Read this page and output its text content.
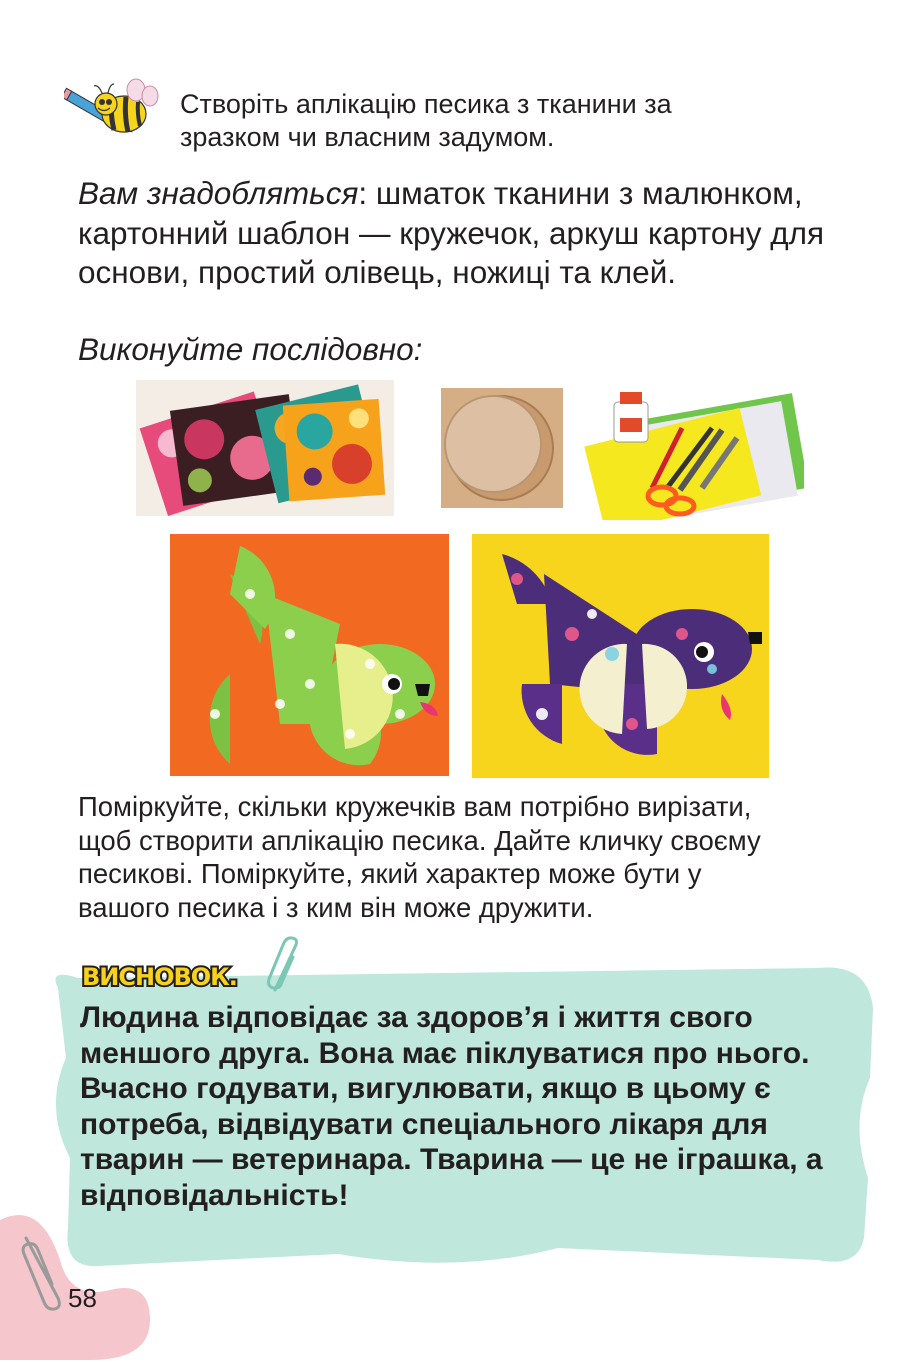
Створіть аплікацію песика з тканини за
зразком чи власним задумом.
Вам знадобляться: шматок тканини з малюнком, картонний шаблон — кружечок, аркуш картону для основи, простий олівець, ножиці та клей.
Виконуйте послідовно:
Поміркуйте, скільки кружечків вам потрібно вирізати,
щоб створити аплікацію песика. Дайте кличку своєму
песикові. Поміркуйте, який характер може бути у
вашого песика і з ким він може дружити.
ВИСНОВОК.
Людина відповідає за здоров’я і життя свого меншого друга. Вона має піклуватися про нього. Вчасно годувати, вигулювати, якщо в цьому є потреба, відвідувати спеціального лікаря для тварин — ветеринара. Тварина — це не іграшка, а відповідальність!
58
